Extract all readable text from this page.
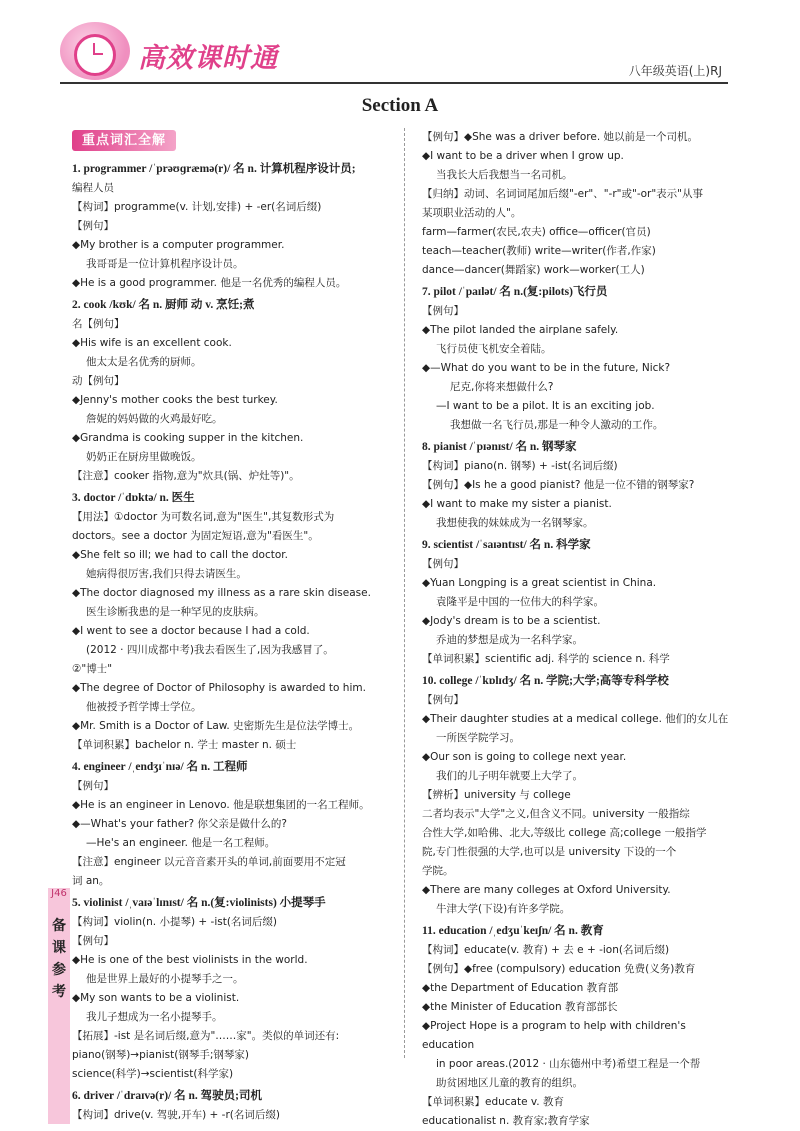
高效课时通	八年级英语(上)RJ
Section A
重点词汇全解
1. programmer /ˈprəʊɡræmə(r)/ 名 n. 计算机程序设计员;
编程人员
【构词】programme(v. 计划,安排) + -er(名词后缀)
【例句】
◆My brother is a computer programmer.
我哥哥是一位计算机程序设计员。
◆He is a good programmer. 他是一名优秀的编程人员。
2. cook /kʊk/ 名 n. 厨师 动 v. 烹饪;煮
名【例句】
◆His wife is an excellent cook.
他太太是名优秀的厨师。
动【例句】
◆Jenny's mother cooks the best turkey.
詹妮的妈妈做的火鸡最好吃。
◆Grandma is cooking supper in the kitchen.
奶奶正在厨房里做晚饭。
【注意】cooker 指物,意为"炊具(锅、炉灶等)"。
3. doctor /ˈdɒktə/ n. 医生
【用法】①doctor 为可数名词,意为"医生",其复数形式为
doctors。see a doctor 为固定短语,意为"看医生"。
◆She felt so ill; we had to call the doctor.
她病得很厉害,我们只得去请医生。
◆The doctor diagnosed my illness as a rare skin disease.
医生诊断我患的是一种罕见的皮肤病。
◆I went to see a doctor because I had a cold.
(2012 · 四川成都中考)我去看医生了,因为我感冒了。
②"博士"
◆The degree of Doctor of Philosophy is awarded to him.
他被授予哲学博士学位。
◆Mr. Smith is a Doctor of Law. 史密斯先生是位法学博士。
【单词积累】bachelor n. 学士 master n. 硕士
4. engineer /ˌendʒɪˈnɪə/ 名 n. 工程师
【例句】
◆He is an engineer in Lenovo. 他是联想集团的一名工程师。
◆—What's your father? 你父亲是做什么的?
—He's an engineer. 他是一名工程师。
【注意】engineer 以元音音素开头的单词,前面要用不定冠
词 an。
5. violinist /ˌvaɪəˈlɪnɪst/ 名 n.(复:violinists) 小提琴手
【构词】violin(n. 小提琴) + -ist(名词后缀)
【例句】
◆He is one of the best violinists in the world.
他是世界上最好的小提琴手之一。
◆My son wants to be a violinist.
我儿子想成为一名小提琴手。
【拓展】-ist 是名词后缀,意为"……家"。类似的单词还有:
piano(钢琴)→pianist(钢琴手;钢琴家)
science(科学)→scientist(科学家)
6. driver /ˈdraɪvə(r)/ 名 n. 驾驶员;司机
【构词】drive(v. 驾驶,开车) + -r(名词后缀)
【例句】◆She was a driver before. 她以前是一个司机。
◆I want to be a driver when I grow up.
当我长大后我想当一名司机。
【归纳】动词、名词词尾加后缀"-er"、"-r"或"-or"表示"从事
某项职业活动的人"。
farm—farmer(农民,农夫) office—officer(官员)
teach—teacher(教师) write—writer(作者,作家)
dance—dancer(舞蹈家) work—worker(工人)
7. pilot /ˈpaɪlət/ 名 n.(复:pilots)飞行员
【例句】
◆The pilot landed the airplane safely.
飞行员使飞机安全着陆。
◆—What do you want to be in the future, Nick?
尼克,你将来想做什么?
—I want to be a pilot. It is an exciting job.
我想做一名飞行员,那是一种令人激动的工作。
8. pianist /ˈpɪənɪst/ 名 n. 钢琴家
【构词】piano(n. 钢琴) + -ist(名词后缀)
【例句】◆Is he a good pianist? 他是一位不错的钢琴家?
◆I want to make my sister a pianist.
我想使我的妹妹成为一名钢琴家。
9. scientist /ˈsaɪəntɪst/ 名 n. 科学家
【例句】
◆Yuan Longping is a great scientist in China.
袁隆平是中国的一位伟大的科学家。
◆Jody's dream is to be a scientist.
乔迪的梦想是成为一名科学家。
【单词积累】scientific adj. 科学的 science n. 科学
10. college /ˈkɒlɪdʒ/ 名 n. 学院;大学;高等专科学校
【例句】
◆Their daughter studies at a medical college. 他们的女儿在
一所医学院学习。
◆Our son is going to college next year.
我们的儿子明年就要上大学了。
【辨析】university 与 college
二者均表示"大学"之义,但含义不同。university 一般指综
合性大学,如哈佛、北大,等级比 college 高;college 一般指学
院,专门性很强的大学,也可以是 university 下设的一个
学院。
◆There are many colleges at Oxford University.
牛津大学(下设)有许多学院。
11. education /ˌedʒuˈkeɪʃn/ 名 n. 教育
【构词】educate(v. 教育) + 去 e + -ion(名词后缀)
【例句】◆free (compulsory) education 免费(义务)教育
◆the Department of Education 教育部
◆the Minister of Education 教育部部长
◆Project Hope is a program to help with children's education
in poor areas.(2012 · 山东德州中考)希望工程是一个帮
助贫困地区儿童的教育的组织。
【单词积累】educate v. 教育
educationalist n. 教育家;教育学家
J46
备课参考
